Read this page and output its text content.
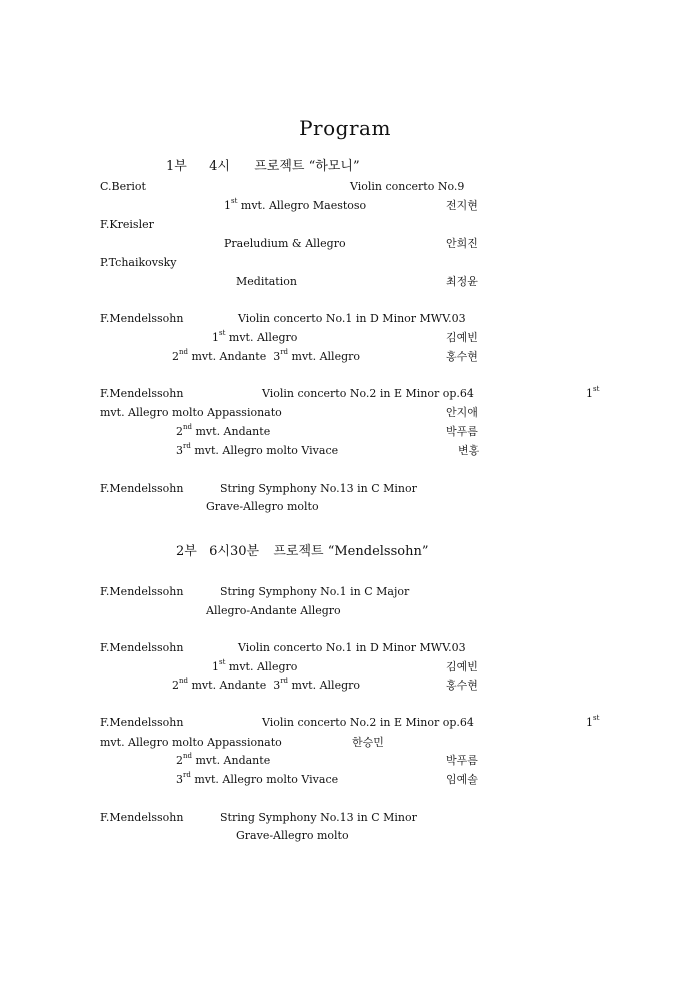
Program
1부 4시 프로젝트 “하모니”
C.Beriot	Violin concerto No.9
1st mvt. Allegro Maestoso	전지현
F.Kreisler
Praeludium & Allegro	안희진
P.Tchaikovsky
Meditation	최정윤
F.Mendelssohn	Violin concerto No.1 in D Minor MWV.03
1st mvt. Allegro	김예빈
2nd mvt. Andante 3rd mvt. Allegro	홍수현
F.Mendelssohn	Violin concerto No.2 in E Minor op.64	1st
mvt. Allegro molto Appassionato	안지애
2nd mvt. Andante	박푸름
3rd mvt. Allegro molto Vivace	변홍
F.Mendelssohn	String Symphony No.13 in C Minor
Grave-Allegro molto
2부 6시30분 프로젝트 “Mendelssohn”
F.Mendelssohn	String Symphony No.1 in C Major
Allegro-Andante Allegro
F.Mendelssohn	Violin concerto No.1 in D Minor MWV.03
1st mvt. Allegro	김예빈
2nd mvt. Andante 3rd mvt. Allegro	홍수현
F.Mendelssohn	Violin concerto No.2 in E Minor op.64	1st
mvt. Allegro molto Appassionato	한승민
2nd mvt. Andante	박푸름
3rd mvt. Allegro molto Vivace	임예솔
F.Mendelssohn	String Symphony No.13 in C Minor
Grave-Allegro molto
